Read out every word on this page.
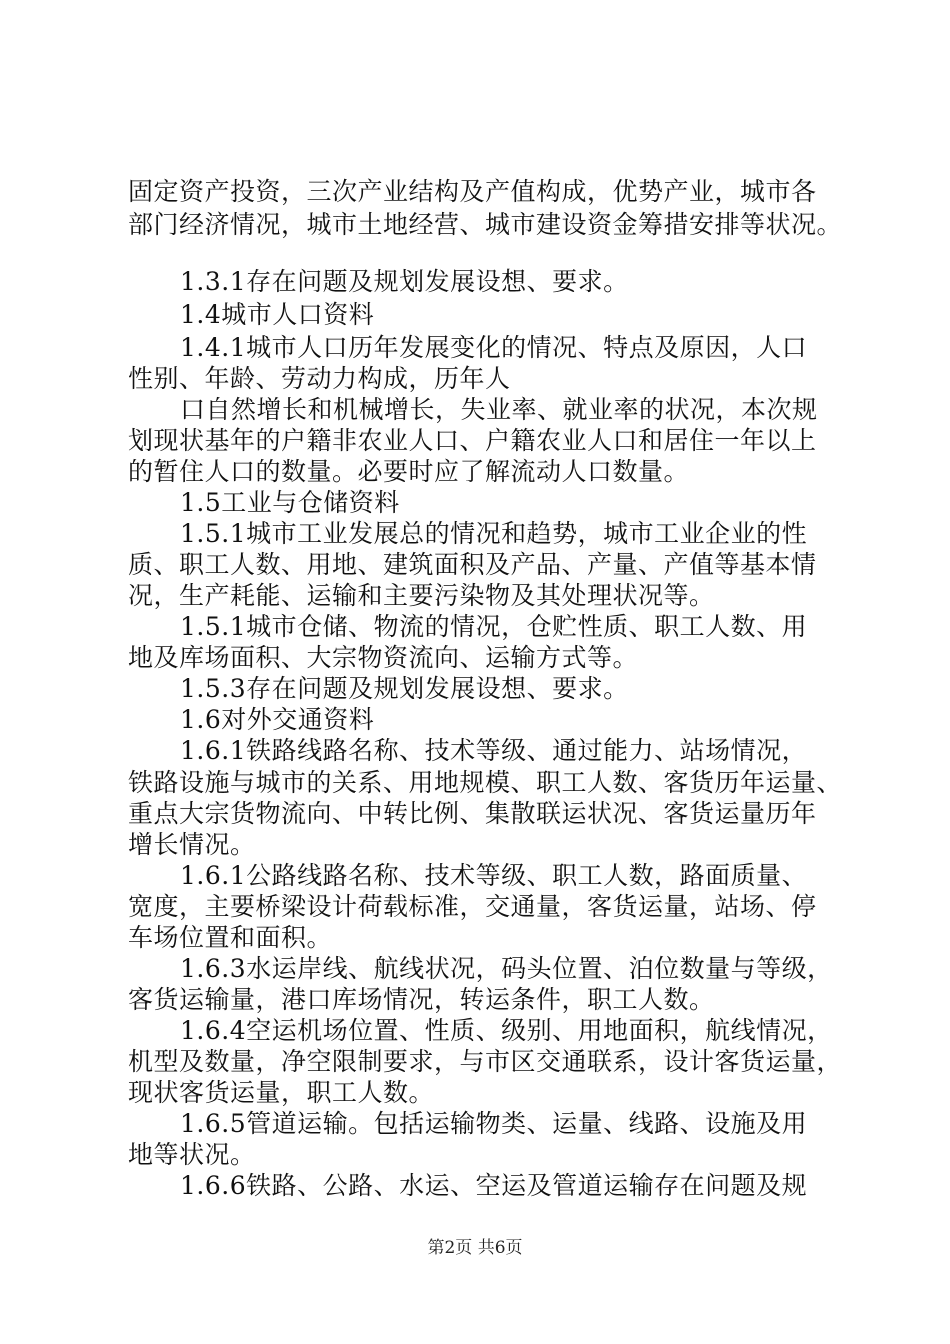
固定资产投资，三次产业结构及产值构成，优势产业，城市各
部门经济情况，城市土地经营、城市建设资金筹措安排等状况。
1.3.1存在问题及规划发展设想、要求。
1.4城市人口资料
1.4.1城市人口历年发展变化的情况、特点及原因，人口
性别、年龄、劳动力构成，历年人
口自然增长和机械增长，失业率、就业率的状况，本次规
划现状基年的户籍非农业人口、户籍农业人口和居住一年以上
的暂住人口的数量。必要时应了解流动人口数量。
1.5工业与仓储资料
1.5.1城市工业发展总的情况和趋势，城市工业企业的性
质、职工人数、用地、建筑面积及产品、产量、产值等基本情
况，生产耗能、运输和主要污染物及其处理状况等。
1.5.1城市仓储、物流的情况，仓贮性质、职工人数、用
地及库场面积、大宗物资流向、运输方式等。
1.5.3存在问题及规划发展设想、要求。
1.6对外交通资料
1.6.1铁路线路名称、技术等级、通过能力、站场情况，
铁路设施与城市的关系、用地规模、职工人数、客货历年运量、
重点大宗货物流向、中转比例、集散联运状况、客货运量历年
增长情况。
1.6.1公路线路名称、技术等级、职工人数，路面质量、
宽度，主要桥梁设计荷载标准，交通量，客货运量，站场、停
车场位置和面积。
1.6.3水运岸线、航线状况，码头位置、泊位数量与等级，
客货运输量，港口库场情况，转运条件，职工人数。
1.6.4空运机场位置、性质、级别、用地面积，航线情况，
机型及数量，净空限制要求，与市区交通联系，设计客货运量，
现状客货运量，职工人数。
1.6.5管道运输。包括运输物类、运量、线路、设施及用
地等状况。
1.6.6铁路、公路、水运、空运及管道运输存在问题及规
第2页 共6页
